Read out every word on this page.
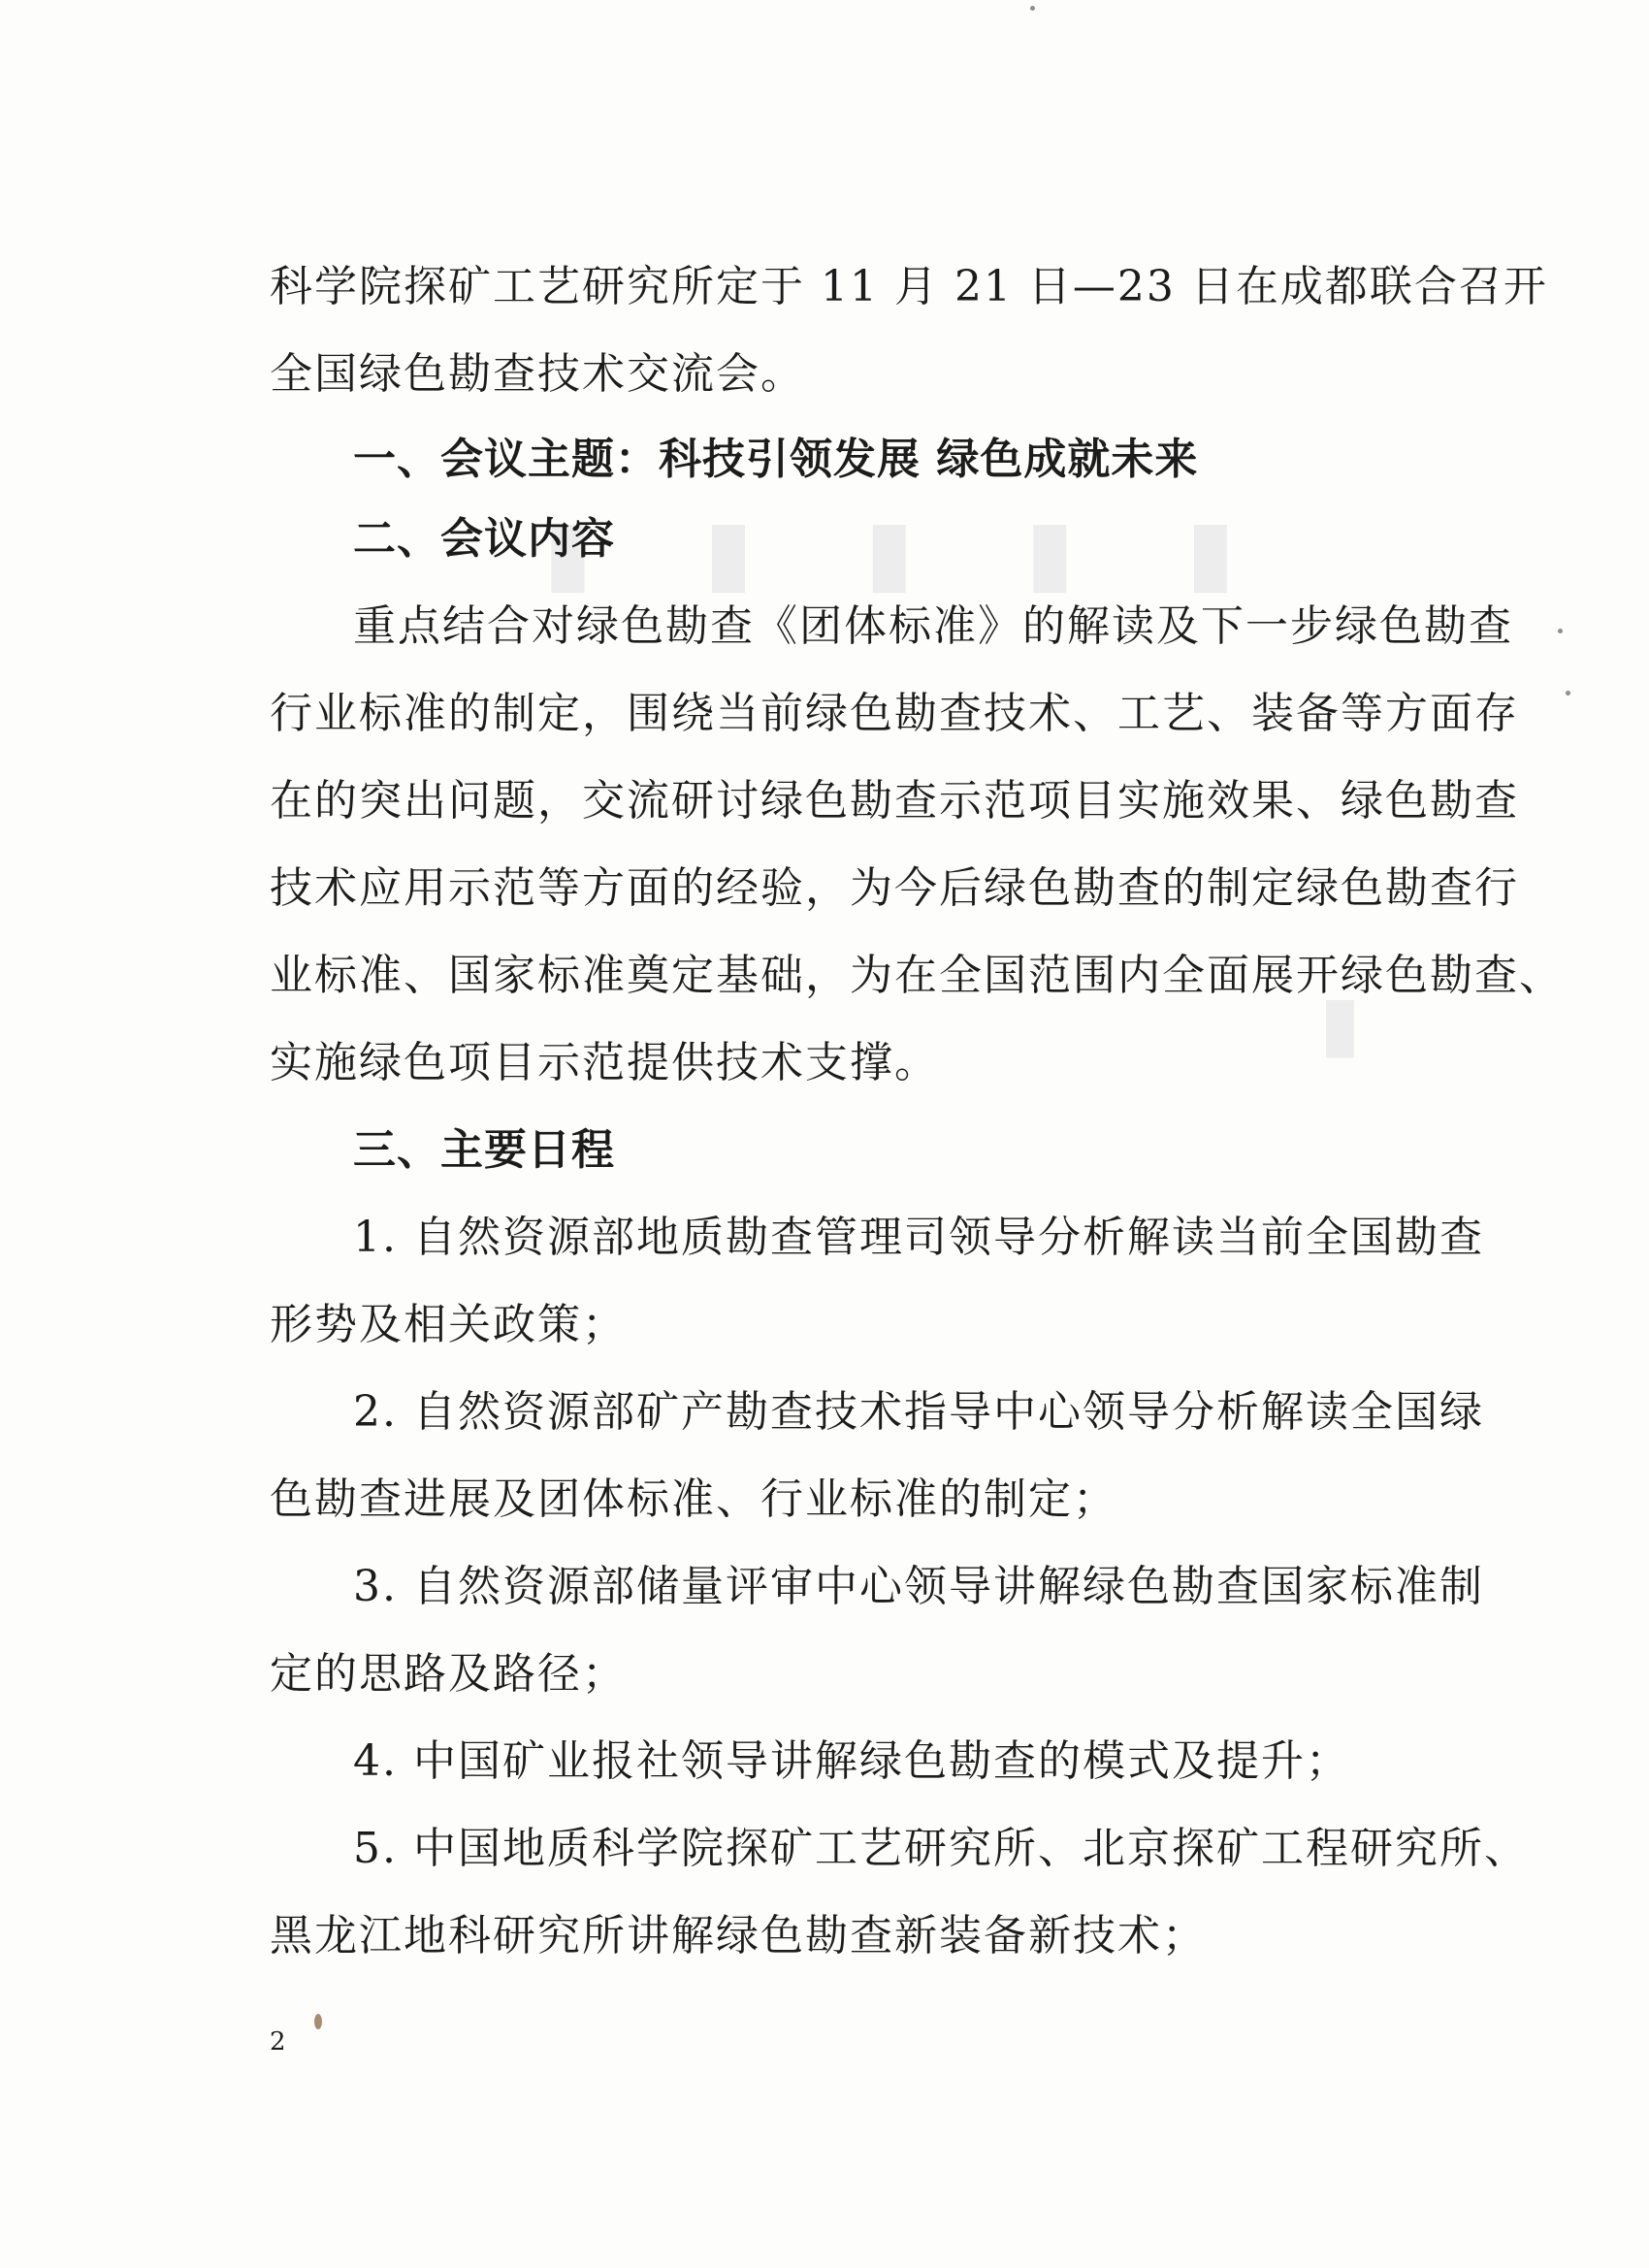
▮▮▮▮▮
▮
科学院探矿工艺研究所定于 11 月 21 日—23 日在成都联合召开
全国绿色勘查技术交流会。
一、会议主题：科技引领发展 绿色成就未来
二、会议内容
重点结合对绿色勘查《团体标准》的解读及下一步绿色勘查
行业标准的制定，围绕当前绿色勘查技术、工艺、装备等方面存
在的突出问题，交流研讨绿色勘查示范项目实施效果、绿色勘查
技术应用示范等方面的经验，为今后绿色勘查的制定绿色勘查行
业标准、国家标准奠定基础，为在全国范围内全面展开绿色勘查、
实施绿色项目示范提供技术支撑。
三、主要日程
1. 自然资源部地质勘查管理司领导分析解读当前全国勘查
形势及相关政策；
2. 自然资源部矿产勘查技术指导中心领导分析解读全国绿
色勘查进展及团体标准、行业标准的制定；
3. 自然资源部储量评审中心领导讲解绿色勘查国家标准制
定的思路及路径；
4. 中国矿业报社领导讲解绿色勘查的模式及提升；
5. 中国地质科学院探矿工艺研究所、北京探矿工程研究所、
黑龙江地科研究所讲解绿色勘查新装备新技术；
2
